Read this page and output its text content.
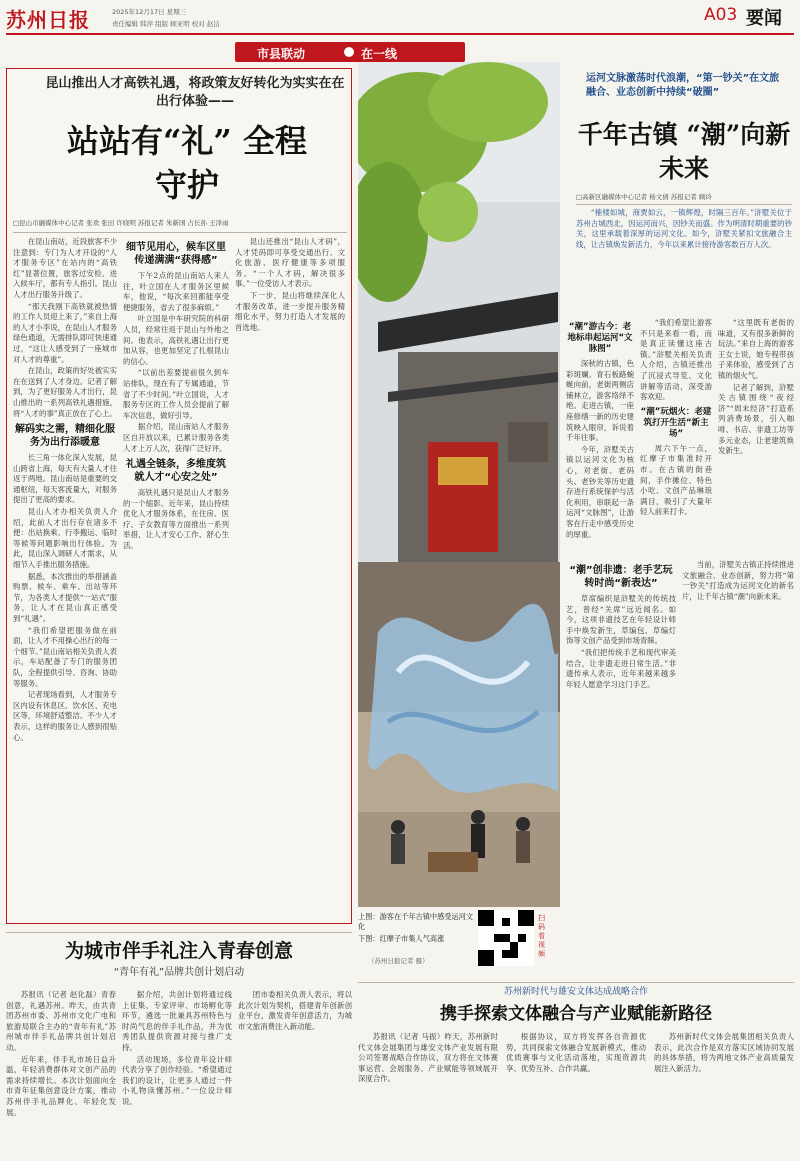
苏州日报	2025年12月17日 星期三
责任编辑 韩萍 组版 顾亚明 校对 赵洁	A03 要闻
市县联动	在一线
昆山推出人才高铁礼遇，将政策友好转化为实实在在出行体验——
站站有“礼” 全程守护
□昆山市融媒体中心记者 张欢 张田 许晓明 苏报记者 朱新国 占长孙 王泽雨

在昆山南站，近段旅客不少注意到：专门为人才开设的“人才服务专区”在站内的“高铁红”显著位置，旅客过安检、进入候车厅，都有专人指引。昆山人才出行服务升级了。

“那天我刚下高铁就被热情的工作人员迎上来了，”来自上海的人才小李说，在昆山人才服务绿色通道，无需排队即可快速通过，“这让人感受到了一座城市对人才的尊重”。

在昆山，政策的好处被实实在在送到了人才身边。记者了解到，为了更好服务人才出行，昆山推出的一系列高铁礼遇措施，将“人才的事”真正放在了心上。

解码实之需，精细化服务为出行添暖意

长三角一体化深入发展，昆山跨省上海，每天有大量人才往返于两地。昆山南站是重要的交通枢纽，每天客流量大，对服务提出了更高的要求。

昆山人才办相关负责人介绍，此前人才出行存在诸多不便：出站换乘、行李搬运、临时等候等问题影响出行体验。为此，昆山深入调研人才需求，从细节入手推出服务措施。

据悉，本次推出的举措涵盖购票、候车、乘车、出站等环节，为各类人才提供“一站式”服务，让人才在昆山真正感受到“礼遇”。

“我们希望把服务做在前面，让人才不用操心出行的每一个细节。”昆山南站相关负责人表示，车站配备了专门的服务团队，全程提供引导、咨询、协助等服务。

记者现场看到，人才服务专区内设有休息区、饮水区、充电区等，环境舒适整洁。不少人才表示，这样的服务让人感到很贴心。

细节见用心，候车区里传递满满“获得感”

下午2点的昆山南站人来人往，叶立国在人才服务区里候车，他说，“每次来回都能享受便捷服务，省去了很多麻烦。”

叶立国是中车研究院的科研人员，经常往返于昆山与外地之间。他表示，高铁礼遇让出行更加从容，也更加坚定了扎根昆山的信心。

“以前出差要提前很久到车站排队，现在有了专属通道，节省了不少时间。”叶立国说，人才服务专区的工作人员会提前了解车次信息，做好引导。

据介绍，昆山南站人才服务区自开放以来，已累计服务各类人才上万人次，获得广泛好评。

礼遇全链条，多维度筑就人才“心安之处”

高铁礼遇只是昆山人才服务的一个缩影。近年来，昆山持续优化人才服务体系，在住房、医疗、子女教育等方面推出一系列举措，让人才安心工作、舒心生活。

昆山还推出“昆山人才码”，人才凭码即可享受交通出行、文化旅游、医疗健康等多项服务。“一个人才码，解决很多事。”一位受访人才表示。

下一步，昆山将继续深化人才服务改革，进一步提升服务精细化水平，努力打造人才发展的首选地。

运河文脉激荡时代浪潮，“第一钞关”在文旅融合、业态创新中持续“破圈”
千年古镇 “潮”向新未来
□高新区融媒体中心记者 杨文倩 苏报记者 顾玲

“榷楼如城，商贾如云，一镇辉煌，时隔三百年。”浒墅关位于苏州古城西北，因运河而兴，因钞关而盛。作为明清时期重要的钞关，这里承载着深厚的运河文化。如今，浒墅关紧扣文旅融合主线，让古镇焕发新活力，今年以来累计接待游客数百万人次。

“潮”游古今：老地标串起运河“文脉图”

深秋的古镇，色彩斑斓。青石板路蜿蜒向前，老街两侧店铺林立，游客络绎不绝。走进古镇，一座座修缮一新的历史建筑映入眼帘，诉说着千年往事。

今年，浒墅关古镇以运河文化为核心，对老街、老码头、老钞关等历史遗存进行系统保护与活化利用，串联起一条运河“文脉图”，让游客在行走中感受历史的厚重。

“我们希望让游客不只是来看一看，而是真正读懂这座古镇。”浒墅关相关负责人介绍，古镇还推出了沉浸式导览、文化讲解等活动，深受游客欢迎。

“潮”玩烟火：老建筑打开生活“新主场”

周六下午一点，红摩子市集准时开市。在古镇的街巷间，手作摊位、特色小吃、文创产品琳琅满目，吸引了大量年轻人前来打卡。

“这里既有老街的味道，又有很多新鲜的玩法。”来自上海的游客王女士说，她专程带孩子来体验，感受到了古镇的烟火气。

记者了解到，浒墅关古镇围绕“夜经济”“周末经济”打造系列消费场景，引入咖啡、书店、非遗工坊等多元业态，让老建筑焕发新生。

上图：游客在千年古镇中感受运河文化
下图：红摩子市集人气高涨
（苏州日报记者 摄）
扫码看视频
“潮”创非遗：老手艺玩转时尚“新表达”

草席编织是浒墅关的传统技艺，曾经“关席”远近闻名。如今，这项非遗技艺在年轻设计师手中焕发新生，草编包、草编灯饰等文创产品受到市场青睐。

“我们把传统手艺和现代审美结合，让非遗走进日常生活。”非遗传承人表示，近年来越来越多年轻人愿意学习这门手艺。

当前，浒墅关古镇正持续推进文旅融合、业态创新，努力将“第一钞关”打造成为运河文化的新名片，让千年古镇“潮”向新未来。

为城市伴手礼注入青春创意
“青年有礼”品牌共创计划启动

苏报讯（记者 赵化磊）青春创意，礼遇苏州。昨天，由共青团苏州市委、苏州市文化广电和旅游局联合主办的“青年有礼”苏州城市伴手礼品牌共创计划启动。

近年来，伴手礼市场日益升温，年轻消费群体对文创产品的需求持续增长。本次计划面向全市青年征集创意设计方案，推动苏州伴手礼品牌化、年轻化发展。

据介绍，共创计划将通过线上征集、专家评审、市场孵化等环节，遴选一批兼具苏州特色与时尚气息的伴手礼作品，并为优秀团队提供资源对接与推广支持。

活动现场，多位青年设计师代表分享了创作经验。“希望通过我们的设计，让更多人通过一件小礼物读懂苏州。”一位设计师说。

团市委相关负责人表示，将以此次计划为契机，搭建青年创新创业平台，激发青年创意活力，为城市文旅消费注入新动能。

苏州新时代与雄安文体达成战略合作
携手探索文体融合与产业赋能新路径

苏报讯（记者 马振）昨天，苏州新时代文体会展集团与雄安文体产业发展有限公司签署战略合作协议，双方将在文体赛事运营、会展服务、产业赋能等领域展开深度合作。

根据协议，双方将发挥各自资源优势，共同探索文体融合发展新模式，推动优质赛事与文化活动落地，实现资源共享、优势互补、合作共赢。

苏州新时代文体会展集团相关负责人表示，此次合作是双方落实区域协同发展的具体举措，将为两地文体产业高质量发展注入新活力。
